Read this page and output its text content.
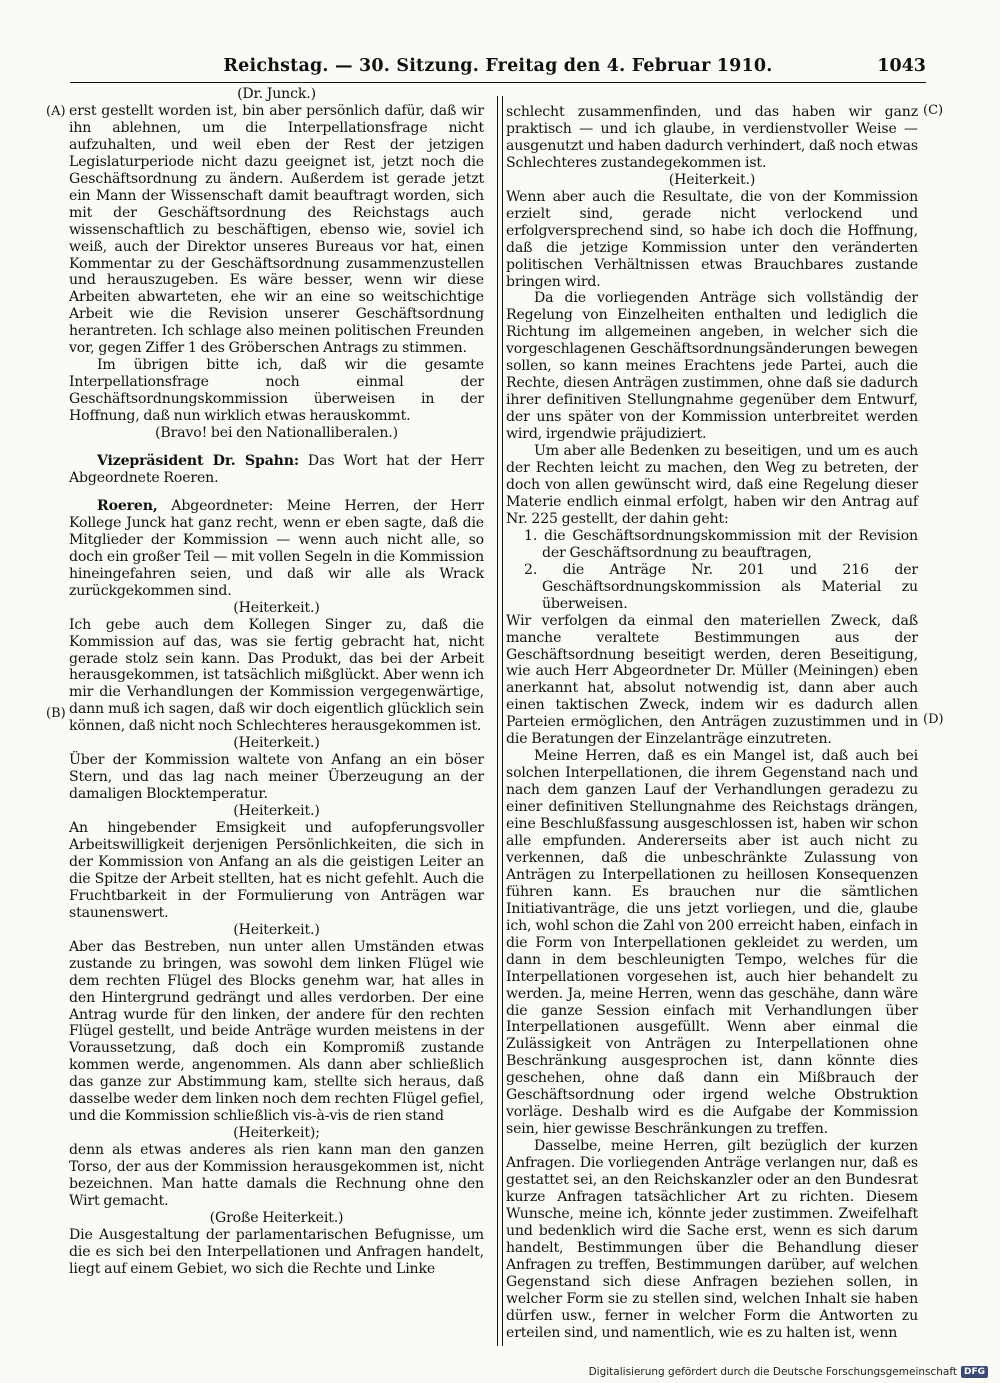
Reichstag. — 30. Sitzung. Freitag den 4. Februar 1910.	1043
(A)
(B)
(C)
(D)

(Dr. Junck.)

erst gestellt worden ist, bin aber persönlich dafür, daß wir ihn ablehnen, um die Interpellationsfrage nicht aufzuhalten, und weil eben der Rest der jetzigen Legislaturperiode nicht dazu geeignet ist, jetzt noch die Geschäftsordnung zu ändern. Außerdem ist gerade jetzt ein Mann der Wissenschaft damit beauftragt worden, sich mit der Geschäftsordnung des Reichstags auch wissenschaftlich zu beschäftigen, ebenso wie, soviel ich weiß, auch der Direktor unseres Bureaus vor hat, einen Kommentar zu der Geschäftsordnung zusammenzustellen und herauszugeben. Es wäre besser, wenn wir diese Arbeiten abwarteten, ehe wir an eine so weitschichtige Arbeit wie die Revision unserer Geschäftsordnung herantreten. Ich schlage also meinen politischen Freunden vor, gegen Ziffer 1 des Gröberschen Antrags zu stimmen.

Im übrigen bitte ich, daß wir die gesamte Interpellationsfrage noch einmal der Geschäftsordnungskommission überweisen in der Hoffnung, daß nun wirklich etwas herauskommt.

(Bravo! bei den Nationalliberalen.)

Vizepräsident Dr. Spahn: Das Wort hat der Herr Abgeordnete Roeren.

Roeren, Abgeordneter: Meine Herren, der Herr Kollege Junck hat ganz recht, wenn er eben sagte, daß die Mitglieder der Kommission — wenn auch nicht alle, so doch ein großer Teil — mit vollen Segeln in die Kommission hineingefahren seien, und daß wir alle als Wrack zurückgekommen sind.

(Heiterkeit.)

Ich gebe auch dem Kollegen Singer zu, daß die Kommission auf das, was sie fertig gebracht hat, nicht gerade stolz sein kann. Das Produkt, das bei der Arbeit herausgekommen, ist tatsächlich mißglückt. Aber wenn ich mir die Verhandlungen der Kommission vergegenwärtige, dann muß ich sagen, daß wir doch eigentlich glücklich sein können, daß nicht noch Schlechteres herausgekommen ist.

(Heiterkeit.)

Über der Kommission waltete von Anfang an ein böser Stern, und das lag nach meiner Überzeugung an der damaligen Blocktemperatur.

(Heiterkeit.)

An hingebender Emsigkeit und aufopferungsvoller Arbeitswilligkeit derjenigen Persönlichkeiten, die sich in der Kommission von Anfang an als die geistigen Leiter an die Spitze der Arbeit stellten, hat es nicht gefehlt. Auch die Fruchtbarkeit in der Formulierung von Anträgen war staunenswert.

(Heiterkeit.)

Aber das Bestreben, nun unter allen Umständen etwas zustande zu bringen, was sowohl dem linken Flügel wie dem rechten Flügel des Blocks genehm war, hat alles in den Hintergrund gedrängt und alles verdorben. Der eine Antrag wurde für den linken, der andere für den rechten Flügel gestellt, und beide Anträge wurden meistens in der Voraussetzung, daß doch ein Kompromiß zustande kommen werde, angenommen. Als dann aber schließlich das ganze zur Abstimmung kam, stellte sich heraus, daß dasselbe weder dem linken noch dem rechten Flügel gefiel, und die Kommission schließlich vis-à-vis de rien stand

(Heiterkeit);

denn als etwas anderes als rien kann man den ganzen Torso, der aus der Kommission herausgekommen ist, nicht bezeichnen. Man hatte damals die Rechnung ohne den Wirt gemacht.

(Große Heiterkeit.)

Die Ausgestaltung der parlamentarischen Befugnisse, um die es sich bei den Interpellationen und Anfragen handelt, liegt auf einem Gebiet, wo sich die Rechte und Linke

schlecht zusammenfinden, und das haben wir ganz praktisch — und ich glaube, in verdienstvoller Weise — ausgenutzt und haben dadurch verhindert, daß noch etwas Schlechteres zustandegekommen ist.

(Heiterkeit.)

Wenn aber auch die Resultate, die von der Kommission erzielt sind, gerade nicht verlockend und erfolgversprechend sind, so habe ich doch die Hoffnung, daß die jetzige Kommission unter den veränderten politischen Verhältnissen etwas Brauchbares zustande bringen wird.

Da die vorliegenden Anträge sich vollständig der Regelung von Einzelheiten enthalten und lediglich die Richtung im allgemeinen angeben, in welcher sich die vorgeschlagenen Geschäftsordnungsänderungen bewegen sollen, so kann meines Erachtens jede Partei, auch die Rechte, diesen Anträgen zustimmen, ohne daß sie dadurch ihrer definitiven Stellungnahme gegenüber dem Entwurf, der uns später von der Kommission unterbreitet werden wird, irgendwie präjudiziert.

Um aber alle Bedenken zu beseitigen, und um es auch der Rechten leicht zu machen, den Weg zu betreten, der doch von allen gewünscht wird, daß eine Regelung dieser Materie endlich einmal erfolgt, haben wir den Antrag auf Nr. 225 gestellt, der dahin geht:

1. die Geschäftsordnungskommission mit der Revision der Geschäftsordnung zu beauftragen,

2. die Anträge Nr. 201 und 216 der Geschäftsordnungskommission als Material zu überweisen.

Wir verfolgen da einmal den materiellen Zweck, daß manche veraltete Bestimmungen aus der Geschäftsordnung beseitigt werden, deren Beseitigung, wie auch Herr Abgeordneter Dr. Müller (Meiningen) eben anerkannt hat, absolut notwendig ist, dann aber auch einen taktischen Zweck, indem wir es dadurch allen Parteien ermöglichen, den Anträgen zuzustimmen und in die Beratungen der Einzelanträge einzutreten.

Meine Herren, daß es ein Mangel ist, daß auch bei solchen Interpellationen, die ihrem Gegenstand nach und nach dem ganzen Lauf der Verhandlungen geradezu zu einer definitiven Stellungnahme des Reichstags drängen, eine Beschlußfassung ausgeschlossen ist, haben wir schon alle empfunden. Andererseits aber ist auch nicht zu verkennen, daß die unbeschränkte Zulassung von Anträgen zu Interpellationen zu heillosen Konsequenzen führen kann. Es brauchen nur die sämtlichen Initiativanträge, die uns jetzt vorliegen, und die, glaube ich, wohl schon die Zahl von 200 erreicht haben, einfach in die Form von Interpellationen gekleidet zu werden, um dann in dem beschleunigten Tempo, welches für die Interpellationen vorgesehen ist, auch hier behandelt zu werden. Ja, meine Herren, wenn das geschähe, dann wäre die ganze Session einfach mit Verhandlungen über Interpellationen ausgefüllt. Wenn aber einmal die Zulässigkeit von Anträgen zu Interpellationen ohne Beschränkung ausgesprochen ist, dann könnte dies geschehen, ohne daß dann ein Mißbrauch der Geschäftsordnung oder irgend welche Obstruktion vorläge. Deshalb wird es die Aufgabe der Kommission sein, hier gewisse Beschränkungen zu treffen.

Dasselbe, meine Herren, gilt bezüglich der kurzen Anfragen. Die vorliegenden Anträge verlangen nur, daß es gestattet sei, an den Reichskanzler oder an den Bundesrat kurze Anfragen tatsächlicher Art zu richten. Diesem Wunsche, meine ich, könnte jeder zustimmen. Zweifelhaft und bedenklich wird die Sache erst, wenn es sich darum handelt, Bestimmungen über die Behandlung dieser Anfragen zu treffen, Bestimmungen darüber, auf welchen Gegenstand sich diese Anfragen beziehen sollen, in welcher Form sie zu stellen sind, welchen Inhalt sie haben dürfen usw., ferner in welcher Form die Antworten zu erteilen sind, und namentlich, wie es zu halten ist, wenn

Digitalisierung gefördert durch die Deutsche Forschungsgemeinschaft DFG
